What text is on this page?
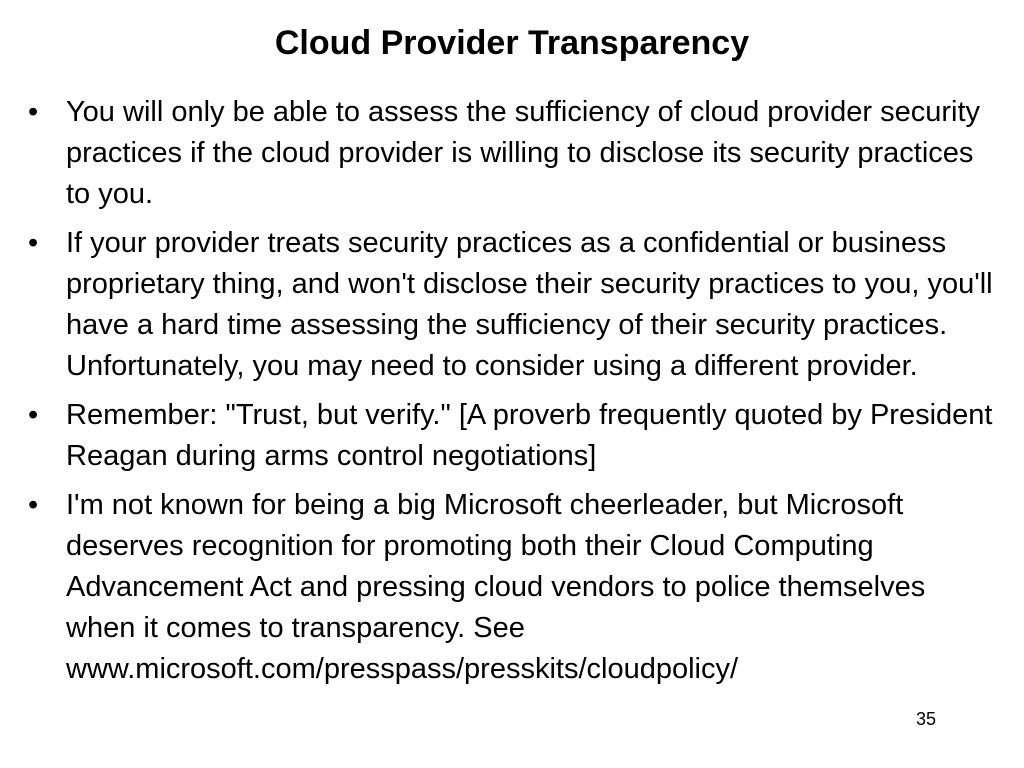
Cloud Provider Transparency
• You will only be able to assess the sufficiency of cloud provider security practices if the cloud provider is willing to disclose its security practices to you.
• If your provider treats security practices as a confidential or business proprietary thing, and won't disclose their security practices to you, you'll have a hard time assessing the sufficiency of their security practices. Unfortunately, you may need to consider using a different provider.
• Remember: "Trust, but verify." [A proverb frequently quoted by President Reagan during arms control negotiations]
• I'm not known for being a big Microsoft cheerleader, but Microsoft deserves recognition for promoting both their Cloud Computing Advancement Act and pressing cloud vendors to police themselves when it comes to transparency. See www.microsoft.com/presspass/presskits/cloudpolicy/
35
